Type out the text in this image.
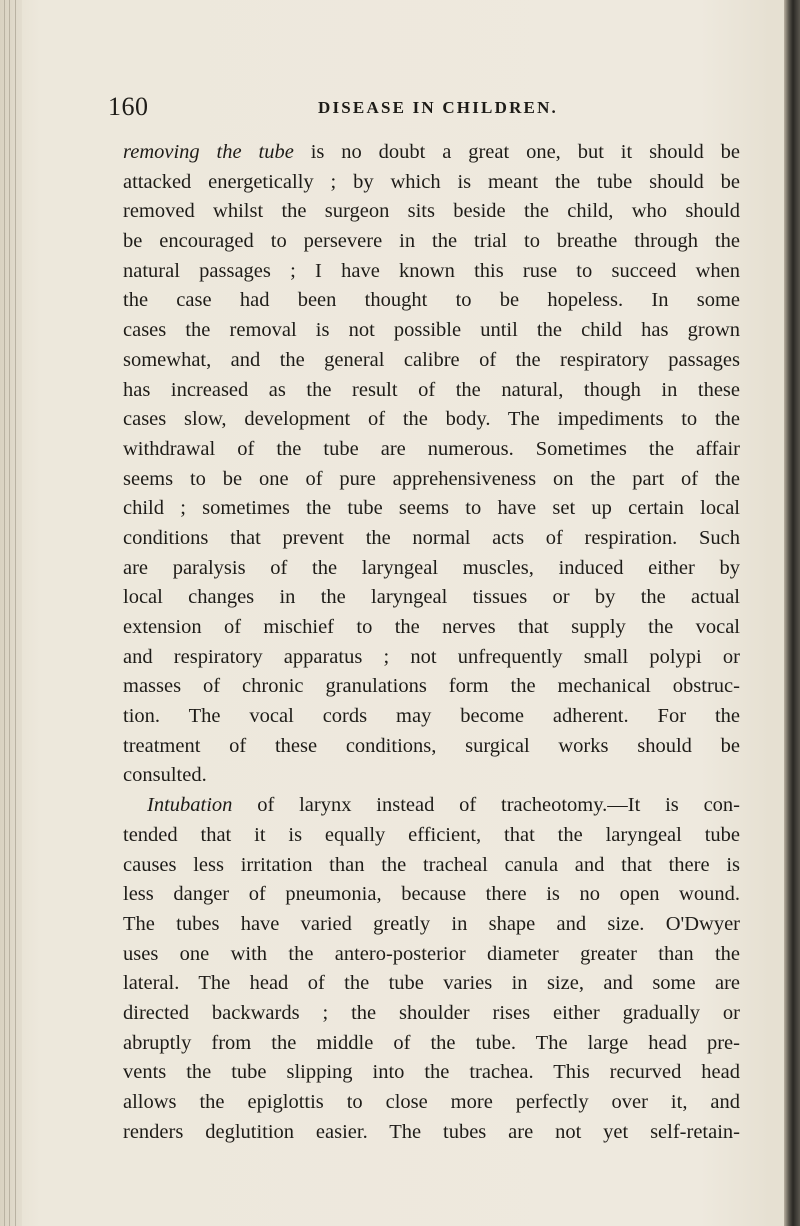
160	DISEASE IN CHILDREN.
removing the tube is no doubt a great one, but it should be
attacked energetically ; by which is meant the tube should be
removed whilst the surgeon sits beside the child, who should
be encouraged to persevere in the trial to breathe through the
natural passages ; I have known this ruse to succeed when
the case had been thought to be hopeless. In some
cases the removal is not possible until the child has grown
somewhat, and the general calibre of the respiratory passages
has increased as the result of the natural, though in these
cases slow, development of the body. The impediments to the
withdrawal of the tube are numerous. Sometimes the affair
seems to be one of pure apprehensiveness on the part of the
child ; sometimes the tube seems to have set up certain local
conditions that prevent the normal acts of respiration. Such
are paralysis of the laryngeal muscles, induced either by
local changes in the laryngeal tissues or by the actual
extension of mischief to the nerves that supply the vocal
and respiratory apparatus ; not unfrequently small polypi or
masses of chronic granulations form the mechanical obstruc-
tion. The vocal cords may become adherent. For the
treatment of these conditions, surgical works should be
consulted.
Intubation of larynx instead of tracheotomy.—It is con-
tended that it is equally efficient, that the laryngeal tube
causes less irritation than the tracheal canula and that there is
less danger of pneumonia, because there is no open wound.
The tubes have varied greatly in shape and size. O'Dwyer
uses one with the antero-posterior diameter greater than the
lateral. The head of the tube varies in size, and some are
directed backwards ; the shoulder rises either gradually or
abruptly from the middle of the tube. The large head pre-
vents the tube slipping into the trachea. This recurved head
allows the epiglottis to close more perfectly over it, and
renders deglutition easier. The tubes are not yet self-retain-
